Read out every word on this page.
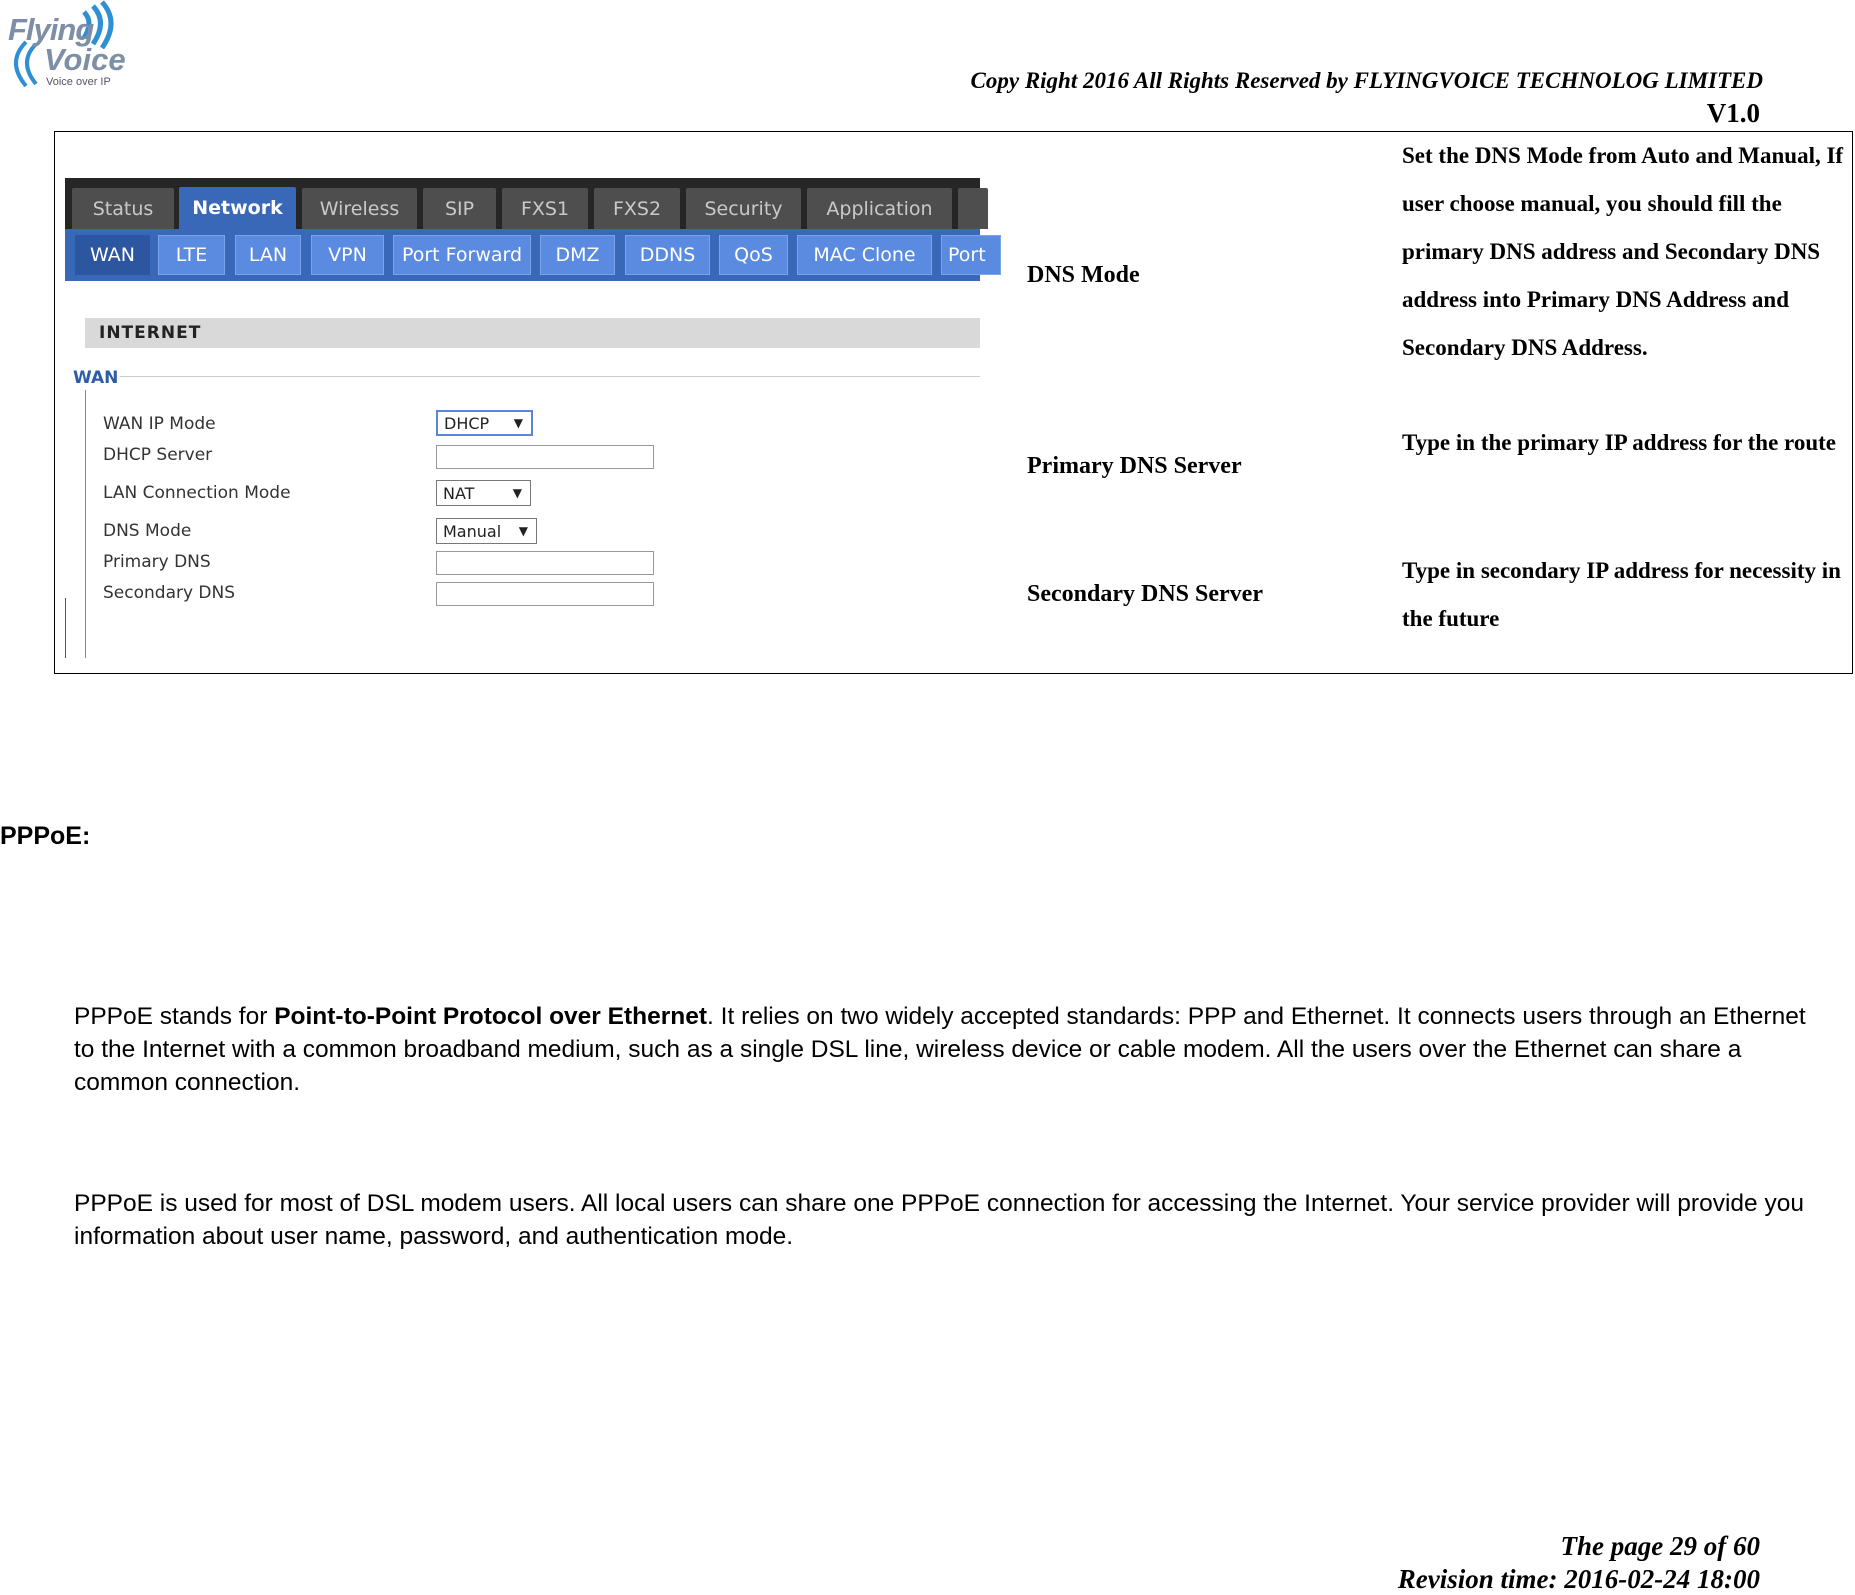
Flying
Voice
Voice over IP	Copy Right 2016 All Rights Reserved by FLYINGVOICE TECHNOLOG LIMITED
V1.0
Status	Network	Wireless	SIP	FXS1	FXS2	Security	Application
WAN	LTE	LAN	VPN	Port Forward	DMZ	DDNS	QoS	MAC Clone	Port
INTERNET
WAN
WAN IP Mode	DHCP ▼
DHCP Server
LAN Connection Mode	NAT	▼
DNS Mode	Manual ▼
Primary DNS
Secondary DNS
DNS Mode
Set the DNS Mode from Auto and Manual, If user choose manual, you should fill the primary DNS address and Secondary DNS address into Primary DNS Address and Secondary DNS Address.
Primary DNS Server
Type in the primary IP address for the route
Secondary DNS Server
Type in secondary IP address for necessity in the future
PPPoE:
PPPoE stands for Point-to-Point Protocol over Ethernet. It relies on two widely accepted standards: PPP and Ethernet. It connects users through an Ethernet to the Internet with a common broadband medium, such as a single DSL line, wireless device or cable modem. All the users over the Ethernet can share a common connection.
PPPoE is used for most of DSL modem users. All local users can share one PPPoE connection for accessing the Internet. Your service provider will provide you information about user name, password, and authentication mode.
The page 29 of 60
Revision time: 2016-02-24 18:00
